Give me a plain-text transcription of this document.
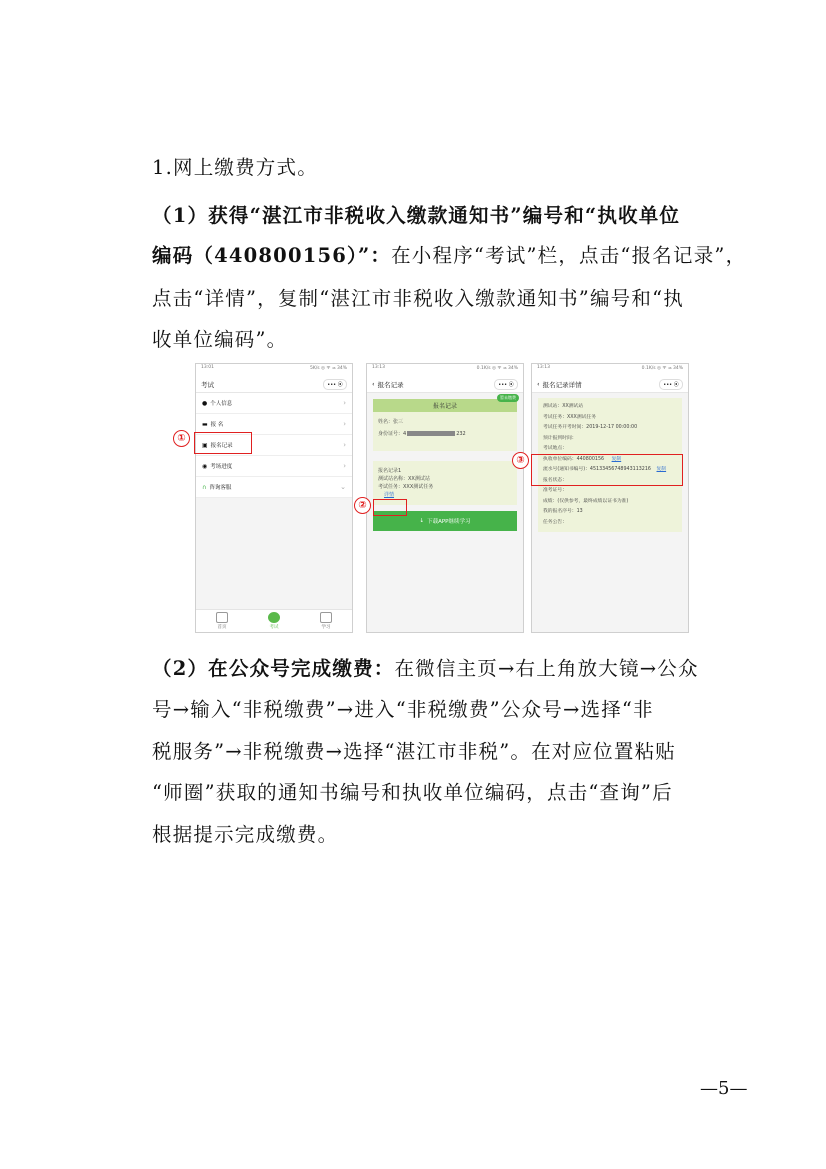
1.网上缴费方式。
（1）获得“湛江市非税收入缴款通知书”编号和“执收单位
编码（440800156）”：在小程序“考试”栏，点击“报名记录”，
点击“详情”，复制“湛江市非税收入缴款通知书”编号和“执
收单位编码”。
13:01	5K/s ◎ ᯤ ₄₆ 34%
考试	••• ⦿
● 个人信息	›
▬ 报 名	›
▣ 报名记录	›
◉ 考场进度	›
∩ 咨询客服	⌄
首页	考试	学习
①
13:13	0.1K/s ◎ ᯤ ₄₆ 34%
‹ 报名记录	••• ⦿
暂未缴费
报名记录
姓名：张三
身份证号：4	232
报名记录1
测试站名称：XX测试站
考试任务：XXX测试任务
详情
↓ 下载APP继续学习
②
13:13	0.1K/s ◎ ᯤ ₄₆ 34%
‹ 报名记录详情	••• ⦿
测试站：XX测试站
考试任务：XXX测试任务
考试任务开考时间：2019-12-17 00:00:00
预计报到时间：
考试地点：
执收单位编码：440800156 复制
流水号(通知书编号)：45133456748943113216 复制
报名状态：
准考证号：
成绩：(仅供参考，最终成绩以证书为准)
我的报名序号：13
任务公告：
③
（2）在公众号完成缴费：在微信主页→右上角放大镜→公众
号→输入“非税缴费”→进入“非税缴费”公众号→选择“非
税服务”→非税缴费→选择“湛江市非税”。在对应位置粘贴
“师圈”获取的通知书编号和执收单位编码，点击“查询”后
根据提示完成缴费。
—5—
